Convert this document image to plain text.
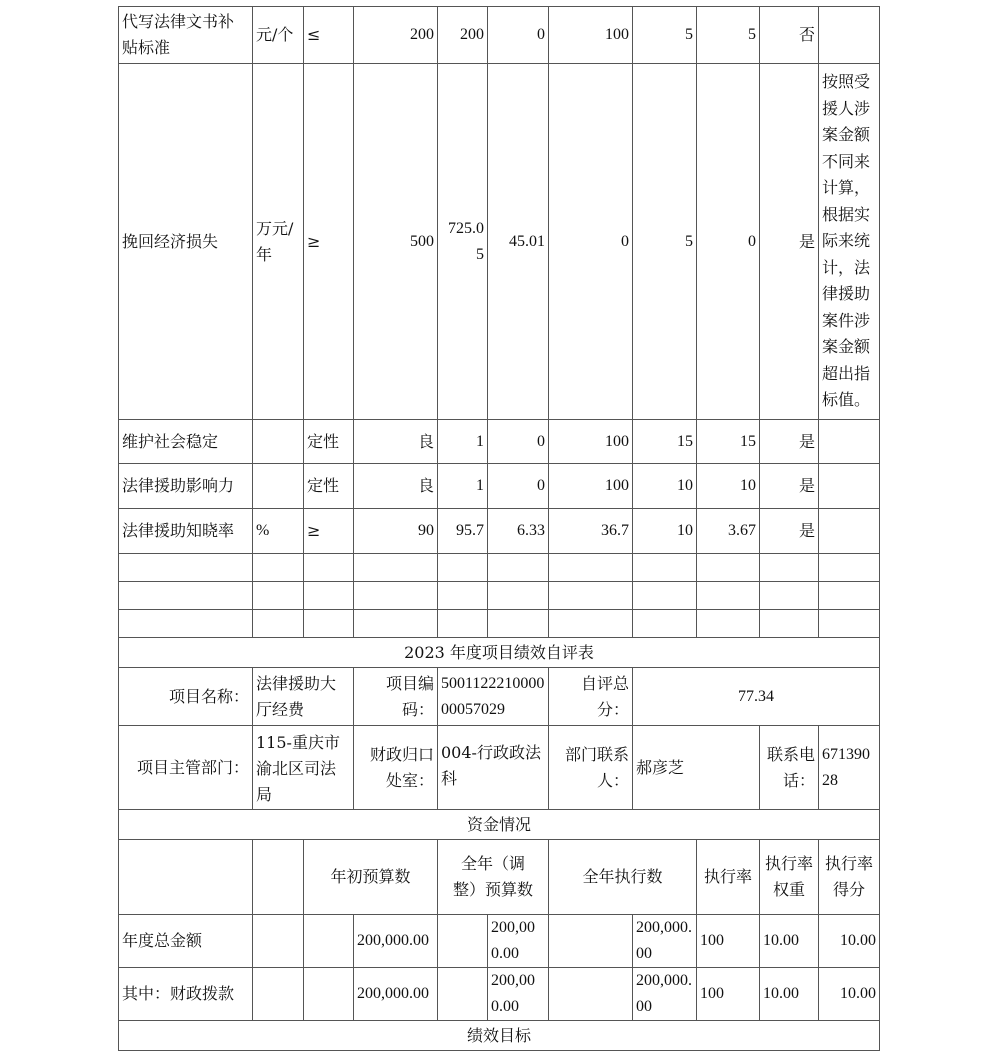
代写法律文书补贴标准	元/个	≤	200	200	0	100	5	5	否	
挽回经济损失	万元/年	≥	500	725.05	45.01	0	5	0	是	按照受援人涉案金额不同来计算，根据实际来统计，法律援助案件涉案金额超出指标值。
维护社会稳定		定性	良	1	0	100	15	15	是	
法律援助影响力		定性	良	1	0	100	10	10	是	
法律援助知晓率	%	≥	90	95.7	6.33	36.7	10	3.67	是	

2023 年度项目绩效自评表										
项目名称：	法律援助大厅经费		项目编码：	500112221000000057029		自评总分：	77.34			
项目主管部门：	115-重庆市渝北区司法局		财政归口处室：	004-行政政法科		部门联系人：	郝彦芝		联系电话：	67139028
资金情况										
		年初预算数		全年（调整）预算数		全年执行数		执行率	执行率权重	执行率得分
年度总金额			200,000.00		200,000.00		200,000.00	100	10.00	10.00
其中：财政拨款			200,000.00		200,000.00		200,000.00	100	10.00	10.00
绩效目标										
